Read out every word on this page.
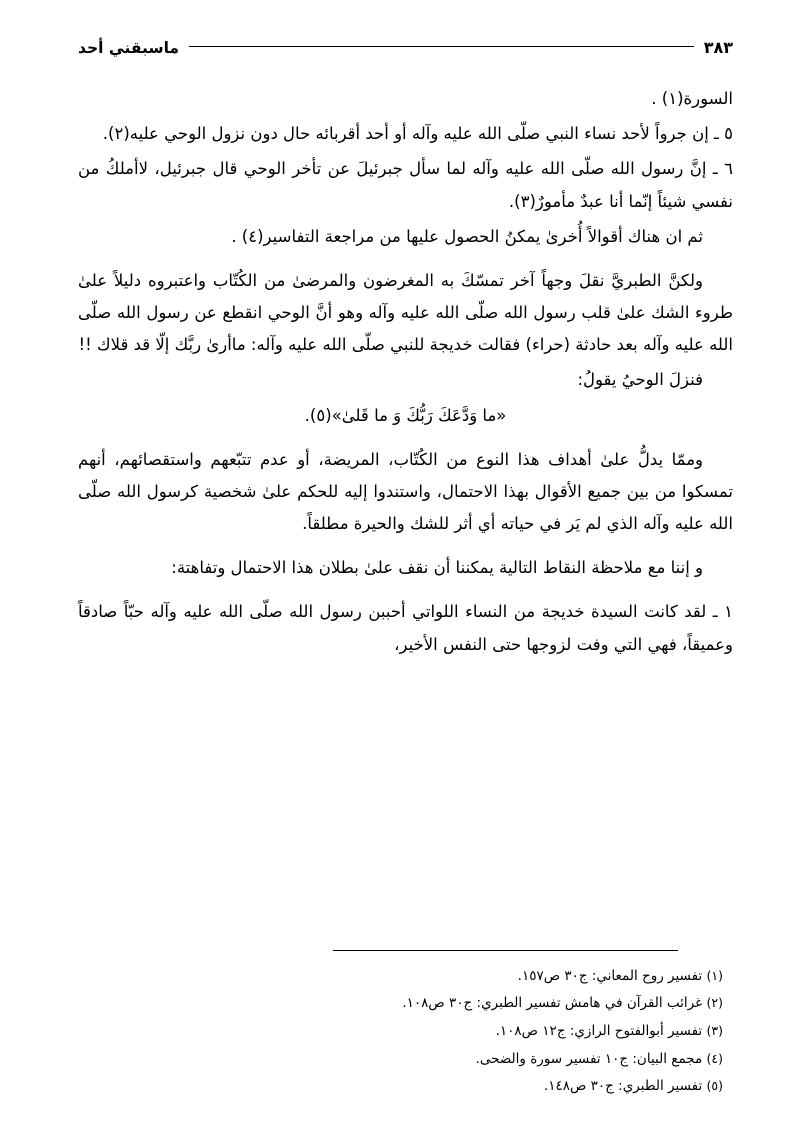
٣٨٣
ماسبقني أحد

السورة(١) .

٥ ـ إن جرواً لأحد نساء النبي صلّى الله عليه وآله أو أحد أقربائه حال دون نزول الوحي عليه(٢).

٦ ـ إنَّ رسول الله صلّى الله عليه وآله لما سأل جبرئيلَ عن تأخر الوحي قال جبرئيل، لاأملكُ من نفسي شيئاً إنّما أنا عبدٌ مأمورٌ(٣).

ثم ان هناك أقوالاً أُخرىٰ يمكنُ الحصول عليها من مراجعة التفاسير(٤) .

ولكنَّ الطبريَّ نقلَ وجهاً آخر تمسّكَ به المغرضون والمرضىٰ من الكُتّاب واعتبروه دليلاً علىٰ طروء الشك علىٰ قلب رسول الله صلّى الله عليه وآله وهو أنَّ الوحي انقطع عن رسول الله صلّى الله عليه وآله بعد حادثة (حراء) فقالت خديجة للنبي صلّى الله عليه وآله: ماأرىٰ ربَّك إلّا قد قلاك !!

فنزلَ الوحيُ يقولُ:

«ما وَدَّعَكَ رَبُّكَ وَ ما قَلىٰ»(٥).

وممّا يدلُّ علىٰ أهداف هذا النوع من الكُتّاب، المريضة، أو عدم تتبّعهم واستقصائهم، أنهم تمسكوا من بين جميع الأقوال بهذا الاحتمال، واستندوا إليه للحكم علىٰ شخصية كرسول الله صلّى الله عليه وآله الذي لم يَر في حياته أي أثر للشك والحيرة مطلقاً.

و إننا مع ملاحظة النقاط التالية يمكننا أن نقف علىٰ بطلان هذا الاحتمال وتفاهتة:

١ ـ لقد كانت السيدة خديجة من النساء اللواتي أحببن رسول الله صلّى الله عليه وآله حبّاً صادقاً وعميقاً، فهي التي وفت لزوجها حتى النفس الأخير،

(١) تفسير روح المعاني: ج٣٠ ص١٥٧.
(٢) غرائب القرآن في هامش تفسير الطبري: ج٣٠ ص١٠٨.
(٣) تفسير أبوالفتوح الرازي: ج١٢ ص١٠٨.
(٤) مجمع البيان: ج١٠ تفسير سورة والضحى.
(٥) تفسير الطبري: ج٣٠ ص١٤٨.
